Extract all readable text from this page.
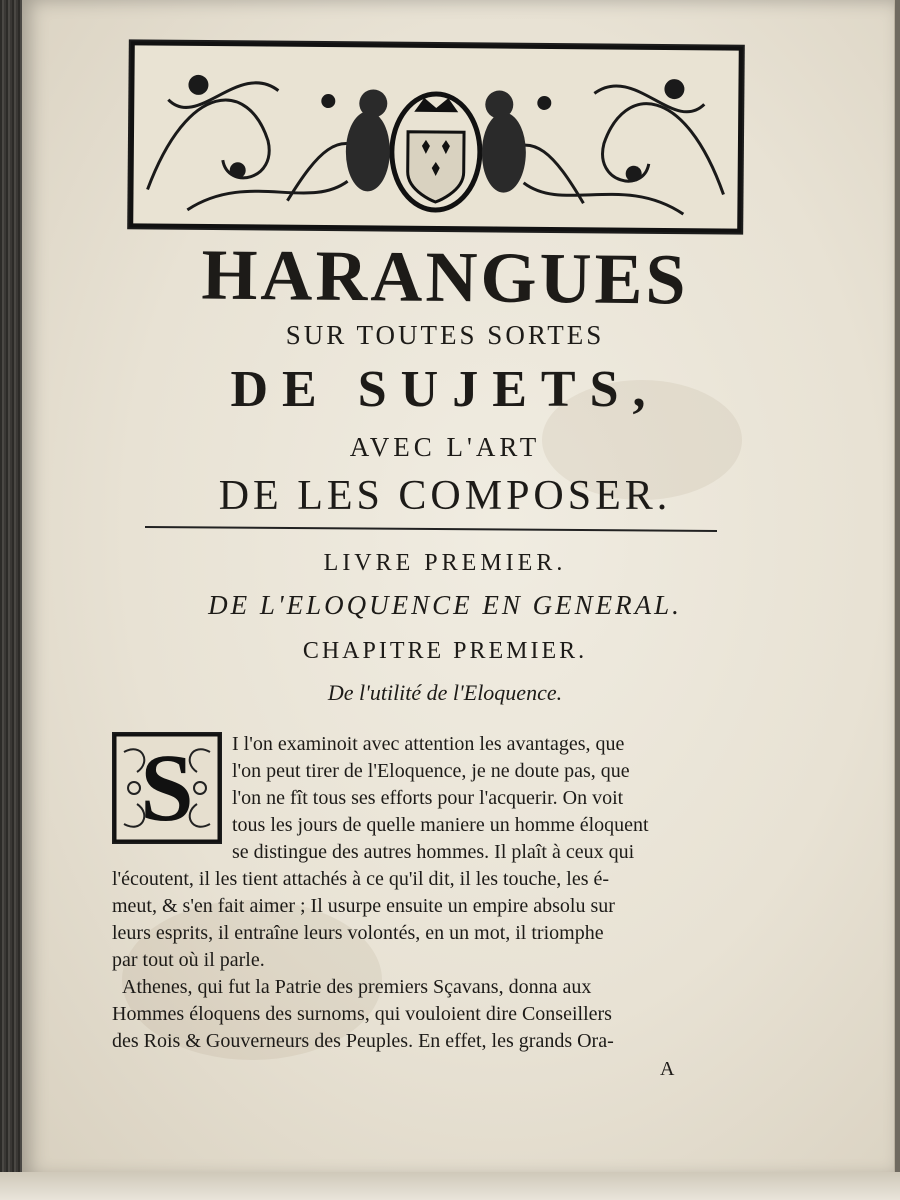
HARANGUES
SUR TOUTES SORTES
DE SUJETS,
AVEC L'ART
DE LES COMPOSER.
LIVRE PREMIER.
DE L'ELOQUENCE EN GENERAL.
CHAPITRE PREMIER.
De l'utilité de l'Eloquence.
S	I l'on examinoit avec attention les avantages, que
l'on peut tirer de l'Eloquence, je ne doute pas, que
l'on ne fît tous ses efforts pour l'acquerir. On voit
tous les jours de quelle maniere un homme éloquent
se distingue des autres hommes. Il plaît à ceux qui
l'écoutent, il les tient attachés à ce qu'il dit, il les touche, les é-
meut, & s'en fait aimer ; Il usurpe ensuite un empire absolu sur
leurs esprits, il entraîne leurs volontés, en un mot, il triomphe
par tout où il parle.
Athenes, qui fut la Patrie des premiers Sçavans, donna aux
Hommes éloquens des surnoms, qui vouloient dire Conseillers
des Rois & Gouverneurs des Peuples. En effet, les grands Ora-
A
